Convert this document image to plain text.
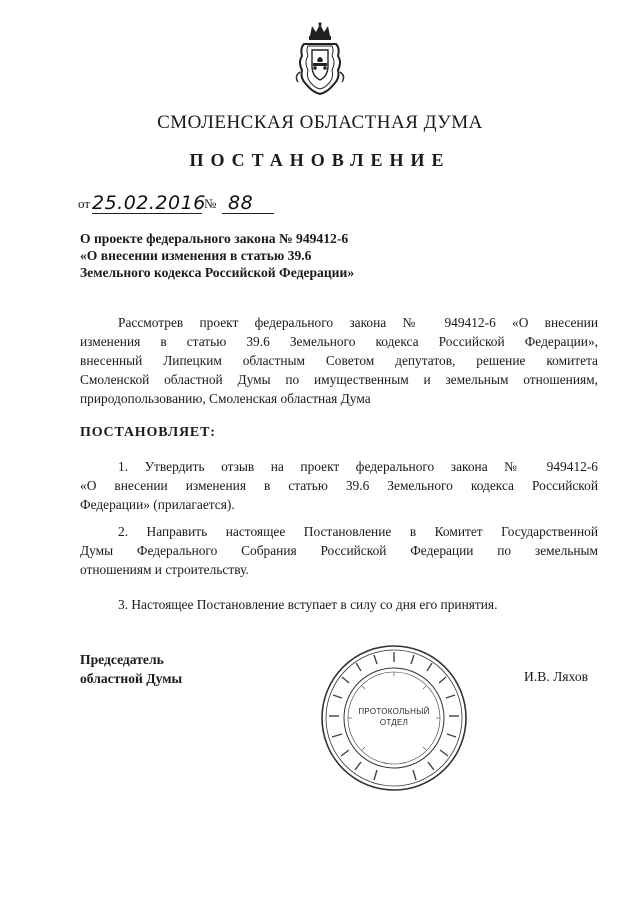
СМОЛЕНСКАЯ ОБЛАСТНАЯ ДУМА
ПОСТАНОВЛЕНИЕ
от 25.02.2016
№ 88
О проекте федерального закона № 949412-6
«О внесении изменения в статью 39.6
Земельного кодекса Российской Федерации»
Рассмотрев проект федерального закона № 949412-6 «О внесении
изменения в статью 39.6 Земельного кодекса Российской Федерации»,
внесенный Липецким областным Советом депутатов, решение комитета
Смоленской областной Думы по имущественным и земельным отношениям,
природопользованию, Смоленская областная Дума
ПОСТАНОВЛЯЕТ:
1. Утвердить отзыв на проект федерального закона № 949412-6
«О внесении изменения в статью 39.6 Земельного кодекса Российской
Федерации» (прилагается).
2. Направить настоящее Постановление в Комитет Государственной
Думы Федерального Собрания Российской Федерации по земельным
отношениям и строительству.
3. Настоящее Постановление вступает в силу со дня его принятия.
Председатель
областной Думы	И.В. Ляхов
ПРОТОКОЛЬНЫЙ
ОТДЕЛ
